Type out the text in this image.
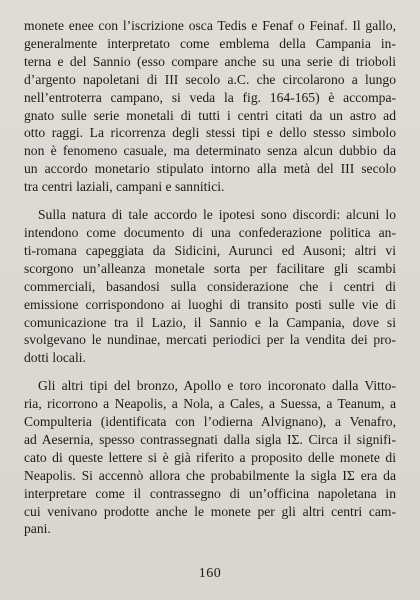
monete enee con l’iscrizione osca Tedis e Fenaf o Feinaf. Il gallo,
generalmente interpretato come emblema della Campania in-
terna e del Sannio (esso compare anche su una serie di trioboli
d’argento napoletani di III secolo a.C. che circolarono a lungo
nell’entroterra campano, si veda la fig. 164-165) è accompa-
gnato sulle serie monetali di tutti i centri citati da un astro ad
otto raggi. La ricorrenza degli stessi tipi e dello stesso simbolo
non è fenomeno casuale, ma determinato senza alcun dubbio da
un accordo monetario stipulato intorno alla metà del III secolo
tra centri laziali, campani e sannitici.
Sulla natura di tale accordo le ipotesi sono discordi: alcuni lo
intendono come documento di una confederazione politica an-
ti-romana capeggiata da Sidicini, Aurunci ed Ausoni; altri vi
scorgono un’alleanza monetale sorta per facilitare gli scambi
commerciali, basandosi sulla considerazione che i centri di
emissione corrispondono ai luoghi di transito posti sulle vie di
comunicazione tra il Lazio, il Sannio e la Campania, dove si
svolgevano le nundinae, mercati periodici per la vendita dei pro-
dotti locali.
Gli altri tipi del bronzo, Apollo e toro incoronato dalla Vitto-
ria, ricorrono a Neapolis, a Nola, a Cales, a Suessa, a Teanum, a
Compulteria (identificata con l’odierna Alvignano), a Venafro,
ad Aesernia, spesso contrassegnati dalla sigla IΣ. Circa il signifi-
cato di queste lettere si è già riferito a proposito delle monete di
Neapolis. Si accennò allora che probabilmente la sigla IΣ era da
interpretare come il contrassegno di un’officina napoletana in
cui venivano prodotte anche le monete per gli altri centri cam-
pani.
160
